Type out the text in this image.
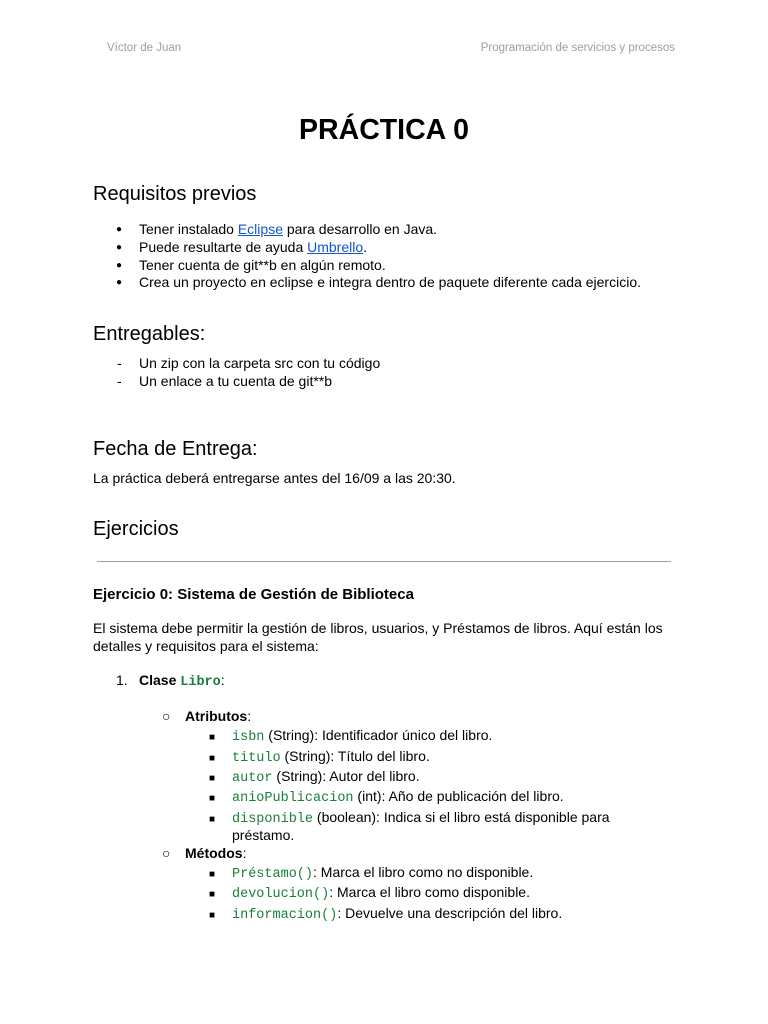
Víctor de Juan	Programación de servicios y procesos
PRÁCTICA 0
Requisitos previos
● Tener instalado Eclipse para desarrollo en Java.
● Puede resultarte de ayuda Umbrello.
● Tener cuenta de git**b en algún remoto.
● Crea un proyecto en eclipse e integra dentro de paquete diferente cada ejercicio.
Entregables:
- Un zip con la carpeta src con tu código
- Un enlace a tu cuenta de git**b
Fecha de Entrega:

La práctica deberá entregarse antes del 16/09 a las 20:30.

Ejercicios

Ejercicio 0: Sistema de Gestión de Biblioteca

El sistema debe permitir la gestión de libros, usuarios, y Préstamos de libros. Aquí están los

detalles y requisitos para el sistema:

1. Clase Libro:
○ Atributos:
■ isbn (String): Identificador único del libro.
■ titulo (String): Título del libro.
■ autor (String): Autor del libro.
■ anioPublicacion (int): Año de publicación del libro.
■ disponible (boolean): Indica si el libro está disponible para
préstamo.
○ Métodos:
■ Préstamo(): Marca el libro como no disponible.
■ devolucion(): Marca el libro como disponible.
■ informacion(): Devuelve una descripción del libro.
